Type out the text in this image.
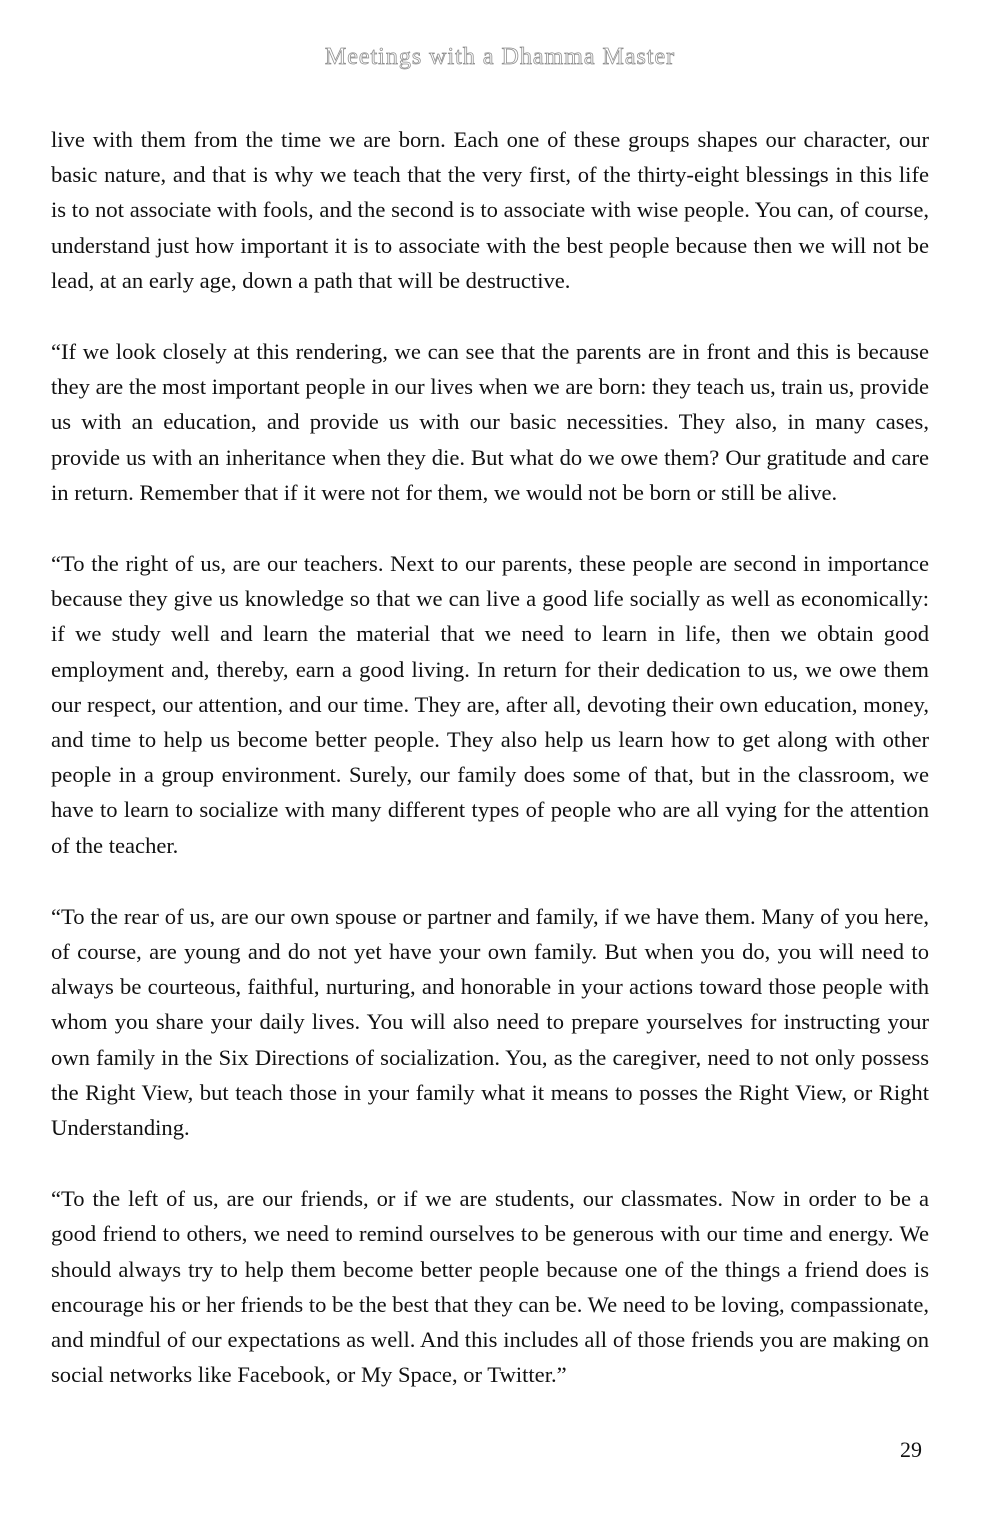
Meetings with a Dhamma Master

live with them from the time we are born. Each one of these groups shapes our character, our basic nature, and that is why we teach that the very first, of the thirty-eight blessings in this life is to not associate with fools, and the second is to associate with wise people. You can, of course, understand just how important it is to associate with the best people because then we will not be lead, at an early age, down a path that will be destructive.

“If we look closely at this rendering, we can see that the parents are in front and this is because they are the most important people in our lives when we are born: they teach us, train us, provide us with an education, and provide us with our basic necessities. They also, in many cases, provide us with an inheritance when they die. But what do we owe them? Our gratitude and care in return. Remember that if it were not for them, we would not be born or still be alive.

“To the right of us, are our teachers. Next to our parents, these people are second in importance because they give us knowledge so that we can live a good life socially as well as economically: if we study well and learn the material that we need to learn in life, then we obtain good employment and, thereby, earn a good living. In return for their dedication to us, we owe them our respect, our attention, and our time. They are, after all, devoting their own education, money, and time to help us become better people. They also help us learn how to get along with other people in a group environment. Surely, our family does some of that, but in the classroom, we have to learn to socialize with many different types of people who are all vying for the attention of the teacher.

“To the rear of us, are our own spouse or partner and family, if we have them. Many of you here, of course, are young and do not yet have your own family. But when you do, you will need to always be courteous, faithful, nurturing, and honorable in your actions toward those people with whom you share your daily lives. You will also need to prepare yourselves for instructing your own family in the Six Directions of socialization. You, as the caregiver, need to not only possess the Right View, but teach those in your family what it means to posses the Right View, or Right Understanding.

“To the left of us, are our friends, or if we are students, our classmates. Now in order to be a good friend to others, we need to remind ourselves to be generous with our time and energy. We should always try to help them become better people because one of the things a friend does is encourage his or her friends to be the best that they can be. We need to be loving, compassionate, and mindful of our expectations as well. And this includes all of those friends you are making on social networks like Facebook, or My Space, or Twitter.”

29
